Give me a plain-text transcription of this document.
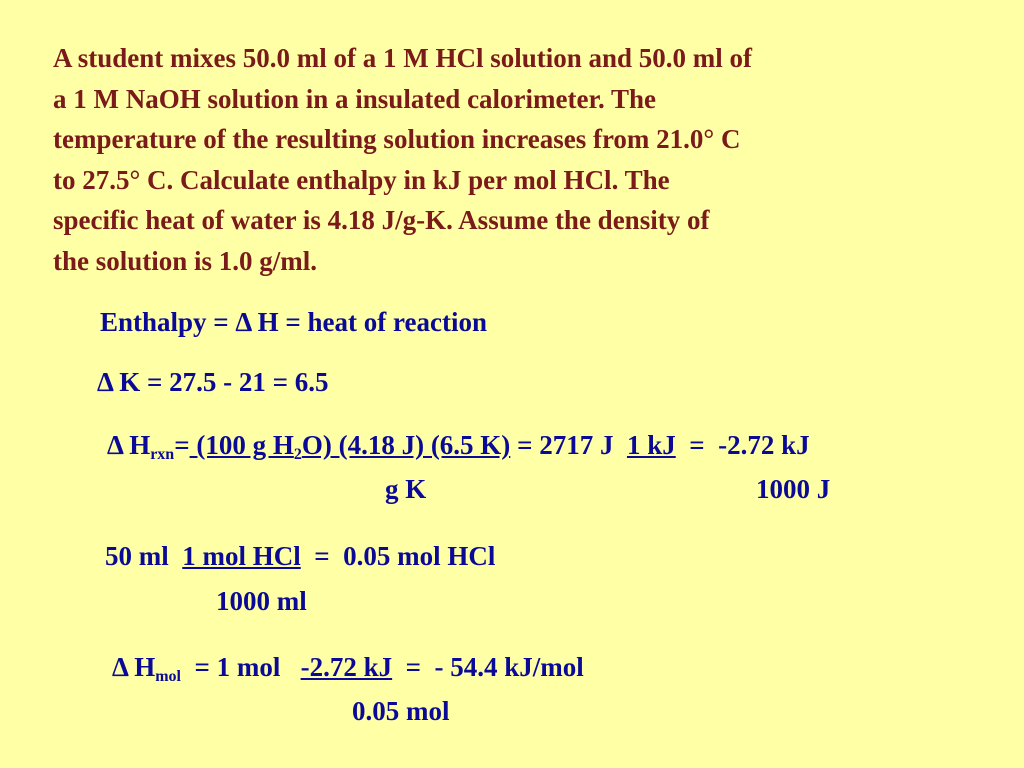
A student mixes 50.0 ml of a 1 M HCl solution and 50.0 ml of
a 1 M NaOH solution in a insulated calorimeter. The
temperature of the resulting solution increases from 21.0° C
to 27.5° C. Calculate enthalpy in kJ per mol HCl. The
specific heat of water is 4.18 J/g-K. Assume the density of
the solution is 1.0 g/ml.
Enthalpy = Δ H = heat of reaction
Δ K = 27.5 - 21 = 6.5
Δ $H_{rxn}= (100$ g $H_2O$) (4.18 J) (6.5 K) = 2717 J  1 kJ  =  -2.72 kJ
g K	1000 J
50 ml  1 mol HCl  =  0.05 mol HCl
1000 ml
Δ $H_{mol} = 1$ mol   -2.72 kJ  =  - 54.4 kJ/mol
0.05 mol
